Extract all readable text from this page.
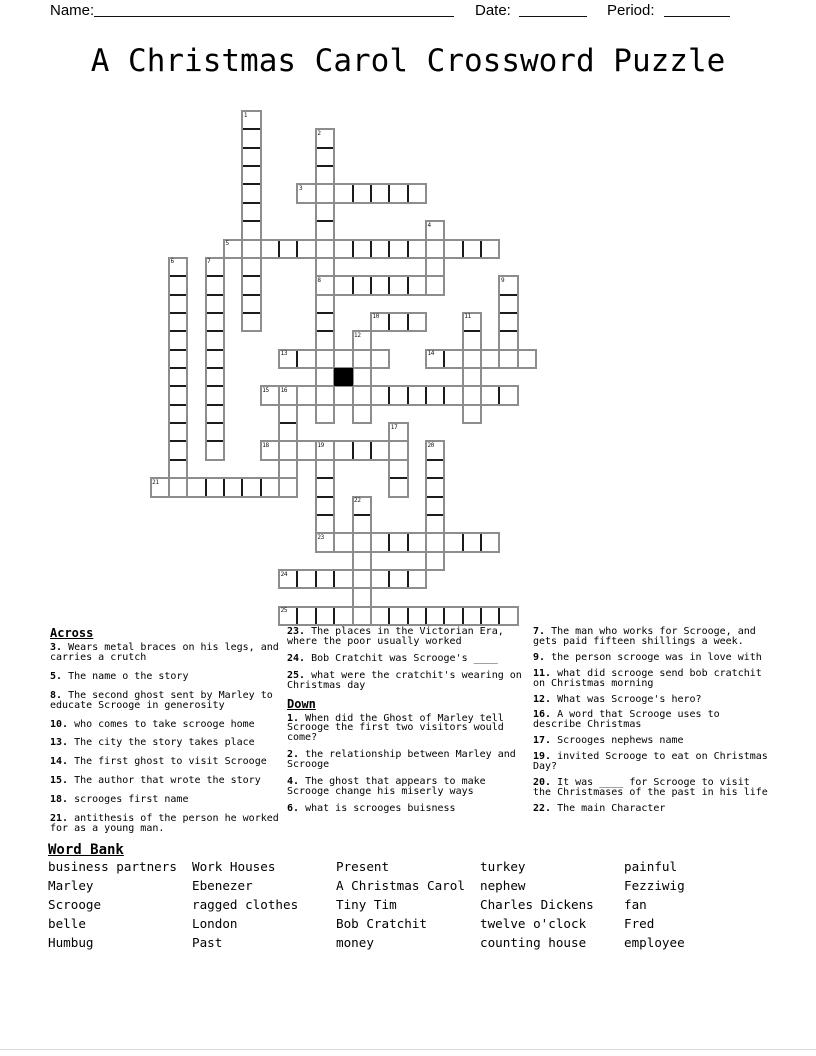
Name:	Date:	Period:
A Christmas Carol Crossword Puzzle
1
2
3
4
5
6	7
8	9
10	11
12
13	14
15 16
17
18	19	20
21
22
23
24
25
Across
3. Wears metal braces on his legs, and carries a crutch
5. The name o the story
8. The second ghost sent by Marley to educate Scrooge in generosity
10. who comes to take scrooge home
13. The city the story takes place
14. The first ghost to visit Scrooge
15. The author that wrote the story
18. scrooges first name
21. antithesis of the person he worked for as a young man.
23. The places in the Victorian Era, where the poor usually worked
24. Bob Cratchit was Scrooge's ____
25. what were the cratchit's wearing on Christmas day
Down
1. When did the Ghost of Marley tell Scrooge the first two visitors would come?
2. the relationship between Marley and Scrooge
4. The ghost that appears to make Scrooge change his miserly ways
6. what is scrooges buisness
7. The man who works for Scrooge, and gets paid fifteen shillings a week.
9. the person scrooge was in love with
11. what did scrooge send bob cratchit on Christmas morning
12. What was Scrooge's hero?
16. A word that Scrooge uses to describe Christmas
17. Scrooges nephews name
19. invited Scrooge to eat on Christmas Day?
20. It was ____ for Scrooge to visit the Christmases of the past in his life
22. The main Character
Word Bank
business partners
Marley
Scrooge
belle
Humbug
Work Houses
Ebenezer
ragged clothes
London
Past
Present
A Christmas Carol
Tiny Tim
Bob Cratchit
money
turkey
nephew
Charles Dickens
twelve o'clock
counting house
painful
Fezziwig
fan
Fred
employee
